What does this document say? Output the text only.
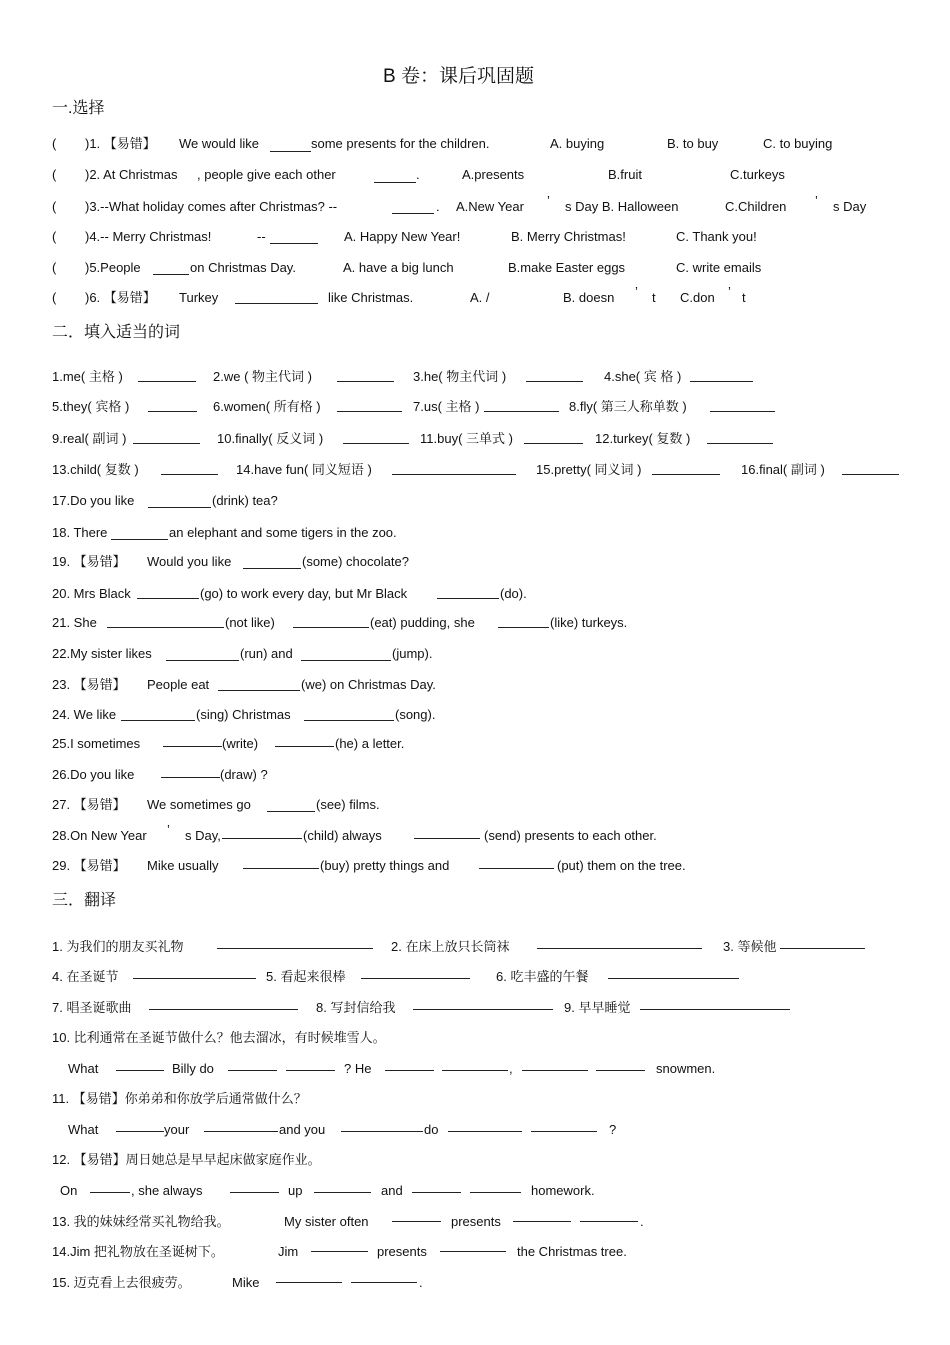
B 卷：课后巩固题
一.选择
( )1. 【易错】 We would like	some presents for the children.	A. buying	B. to buy	C. to buying
( )2. At Christmas , people give each other	.	A.presents	B.fruit	C.turkeys
( )3.--What holiday comes after Christmas? --	. A.New Year ’ s Day B. Halloween	C.Children ’ s Day
( )4.-- Merry Christmas!	--	A. Happy New Year!	B. Merry Christmas!	C. Thank you!
( )5.People	on Christmas Day.	A. have a big lunch	B.make Easter eggs	C. write emails
( )6. 【易错】 Turkey	like Christmas.	A. /	B. doesn ’ t C.don ’ t
二．填入适当的词
1.me( 主格 )	2.we ( 物主代词 )	3.he( 物主代词 )	4.she( 宾 格 )
5.they( 宾格 )	6.women( 所有格 )	7.us( 主格 )	8.fly( 第三人称单数 )
9.real( 副词 )	10.finally( 反义词 )	11.buy( 三单式 )	12.turkey( 复数 )
13.child( 复数 )	14.have fun( 同义短语 )	15.pretty( 同义词 )	16.final( 副词 )
17.Do you like	(drink) tea?
18. There	an elephant and some tigers in the zoo.
19. 【易错】 Would you like	(some) chocolate?
20. Mrs Black	(go) to work every day, but Mr Black	(do).
21. She	(not like)	(eat) pudding, she	(like) turkeys.
22.My sister likes	(run) and	(jump).
23. 【易错】 People eat	(we) on Christmas Day.
24. We like	(sing) Christmas	(song).
25.I sometimes	(write)	(he) a letter.
26.Do you like	(draw) ?
27. 【易错】 We sometimes go	(see) films.
28.On New Year ’ s Day,	(child) always	(send) presents to each other.
29. 【易错】 Mike usually	(buy) pretty things and	(put) them on the tree.
三．翻译
1. 为我们的朋友买礼物	2. 在床上放只长筒袜	3. 等候他
4. 在圣诞节	5. 看起来很棒	6. 吃丰盛的午餐
7. 唱圣诞歌曲	8. 写封信给我	9. 早早睡觉
10. 比利通常在圣诞节做什么？他去溜冰，有时候堆雪人。
What	Billy do	? He	,	snowmen.
11. 【易错】你弟弟和你放学后通常做什么？
What	your	and you	do	?
12. 【易错】周日她总是早早起床做家庭作业。
On	, she always	up	and	homework.
13. 我的妹妹经常买礼物给我。	My sister often	presents	.
14.Jim 把礼物放在圣诞树下。	Jim	presents	the Christmas tree.
15. 迈克看上去很疲劳。	Mike	.
